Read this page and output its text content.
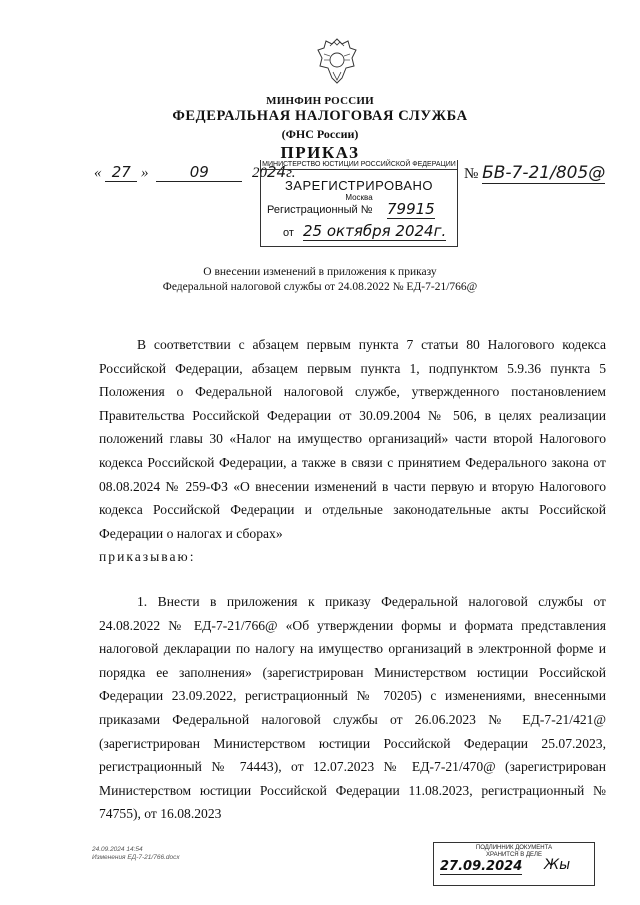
МИНФИН РОССИИ
ФЕДЕРАЛЬНАЯ НАЛОГОВАЯ СЛУЖБА
(ФНС России)
ПРИКАЗ
« 27 »	09	2024г.
МИНИСТЕРСТВО ЮСТИЦИИ РОССИЙСКОЙ ФЕДЕРАЦИИ
ЗАРЕГИСТРИРОВАНО
Москва
Регистрационный № 79915
от 25 октября 2024г.
№ БВ-7-21/805@
О внесении изменений в приложения к приказу
Федеральной налоговой службы от 24.08.2022 № ЕД-7-21/766@
В соответствии с абзацем первым пункта 7 статьи 80 Налогового кодекса Российской Федерации, абзацем первым пункта 1, подпунктом 5.9.36 пункта 5 Положения о Федеральной налоговой службе, утвержденного постановлением Правительства Российской Федерации от 30.09.2004 № 506, в целях реализации положений главы 30 «Налог на имущество организаций» части второй Налогового кодекса Российской Федерации, а также в связи с принятием Федерального закона от 08.08.2024 № 259-ФЗ «О внесении изменений в части первую и вторую Налогового кодекса Российской Федерации и отдельные законодательные акты Российской Федерации о налогах и сборах»
приказываю:
1. Внести в приложения к приказу Федеральной налоговой службы от 24.08.2022 № ЕД-7-21/766@ «Об утверждении формы и формата представления налоговой декларации по налогу на имущество организаций в электронной форме и порядка ее заполнения» (зарегистрирован Министерством юстиции Российской Федерации 23.09.2022, регистрационный № 70205) с изменениями, внесенными приказами Федеральной налоговой службы от 26.06.2023 № ЕД-7-21/421@ (зарегистрирован Министерством юстиции Российской Федерации 25.07.2023, регистрационный № 74443), от 12.07.2023 № ЕД-7-21/470@ (зарегистрирован Министерством юстиции Российской Федерации 11.08.2023, регистрационный № 74755), от 16.08.2023
24.09.2024 14:54
Изменения ЕД-7-21/766.docx
ПОДЛИННИК ДОКУМЕНТА
ХРАНИТСЯ В ДЕЛЕ
27.09.2024 Жы
